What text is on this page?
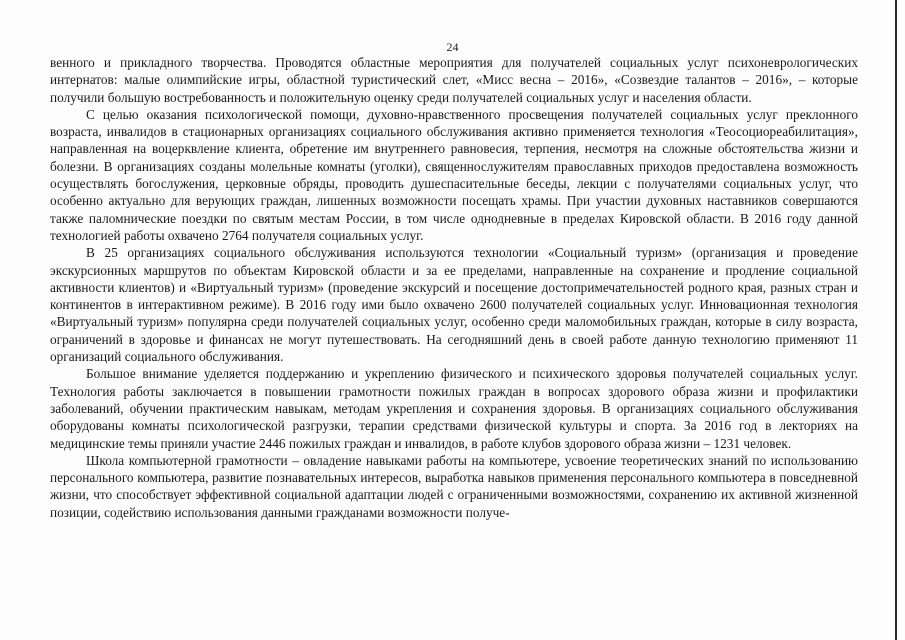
24

венного и прикладного творчества. Проводятся областные мероприятия для получателей социальных услуг психоневрологических интернатов: малые олимпийские игры, областной туристический слет, «Мисс весна – 2016», «Созвездие талантов – 2016», – которые получили большую востребованность и положительную оценку среди получателей социальных услуг и населения области.

С целью оказания психологической помощи, духовно-нравственного просвещения получателей социальных услуг преклонного возраста, инвалидов в стационарных организациях социального обслуживания активно применяется технология «Теосоциореабилитация», направленная на воцерквление клиента, обретение им внутреннего равновесия, терпения, несмотря на сложные обстоятельства жизни и болезни. В организациях созданы молельные комнаты (уголки), священнослужителям православных приходов предоставлена возможность осуществлять богослужения, церковные обряды, проводить душеспасительные беседы, лекции с получателями социальных услуг, что особенно актуально для верующих граждан, лишенных возможности посещать храмы. При участии духовных наставников совершаются также паломнические поездки по святым местам России, в том числе однодневные в пределах Кировской области. В 2016 году данной технологией работы охвачено 2764 получателя социальных услуг.

В 25 организациях социального обслуживания используются технологии «Социальный туризм» (организация и проведение экскурсионных маршрутов по объектам Кировской области и за ее пределами, направленные на сохранение и продление социальной активности клиентов) и «Виртуальный туризм» (проведение экскурсий и посещение достопримечательностей родного края, разных стран и континентов в интерактивном режиме). В 2016 году ими было охвачено 2600 получателей социальных услуг. Инновационная технология «Виртуальный туризм» популярна среди получателей социальных услуг, особенно среди маломобильных граждан, которые в силу возраста, ограничений в здоровье и финансах не могут путешествовать. На сегодняшний день в своей работе данную технологию применяют 11 организаций социального обслуживания.

Большое внимание уделяется поддержанию и укреплению физического и психического здоровья получателей социальных услуг. Технология работы заключается в повышении грамотности пожилых граждан в вопросах здорового образа жизни и профилактики заболеваний, обучении практическим навыкам, методам укрепления и сохранения здоровья. В организациях социального обслуживания оборудованы комнаты психологической разгрузки, терапии средствами физической культуры и спорта. За 2016 год в лекториях на медицинские темы приняли участие 2446 пожилых граждан и инвалидов, в работе клубов здорового образа жизни – 1231 человек.

Школа компьютерной грамотности – овладение навыками работы на компьютере, усвоение теоретических знаний по использованию персонального компьютера, развитие познавательных интересов, выработка навыков применения персонального компьютера в повседневной жизни, что способствует эффективной социальной адаптации людей с ограниченными возможностями, сохранению их активной жизненной позиции, содействию использования данными гражданами возможности получе-
